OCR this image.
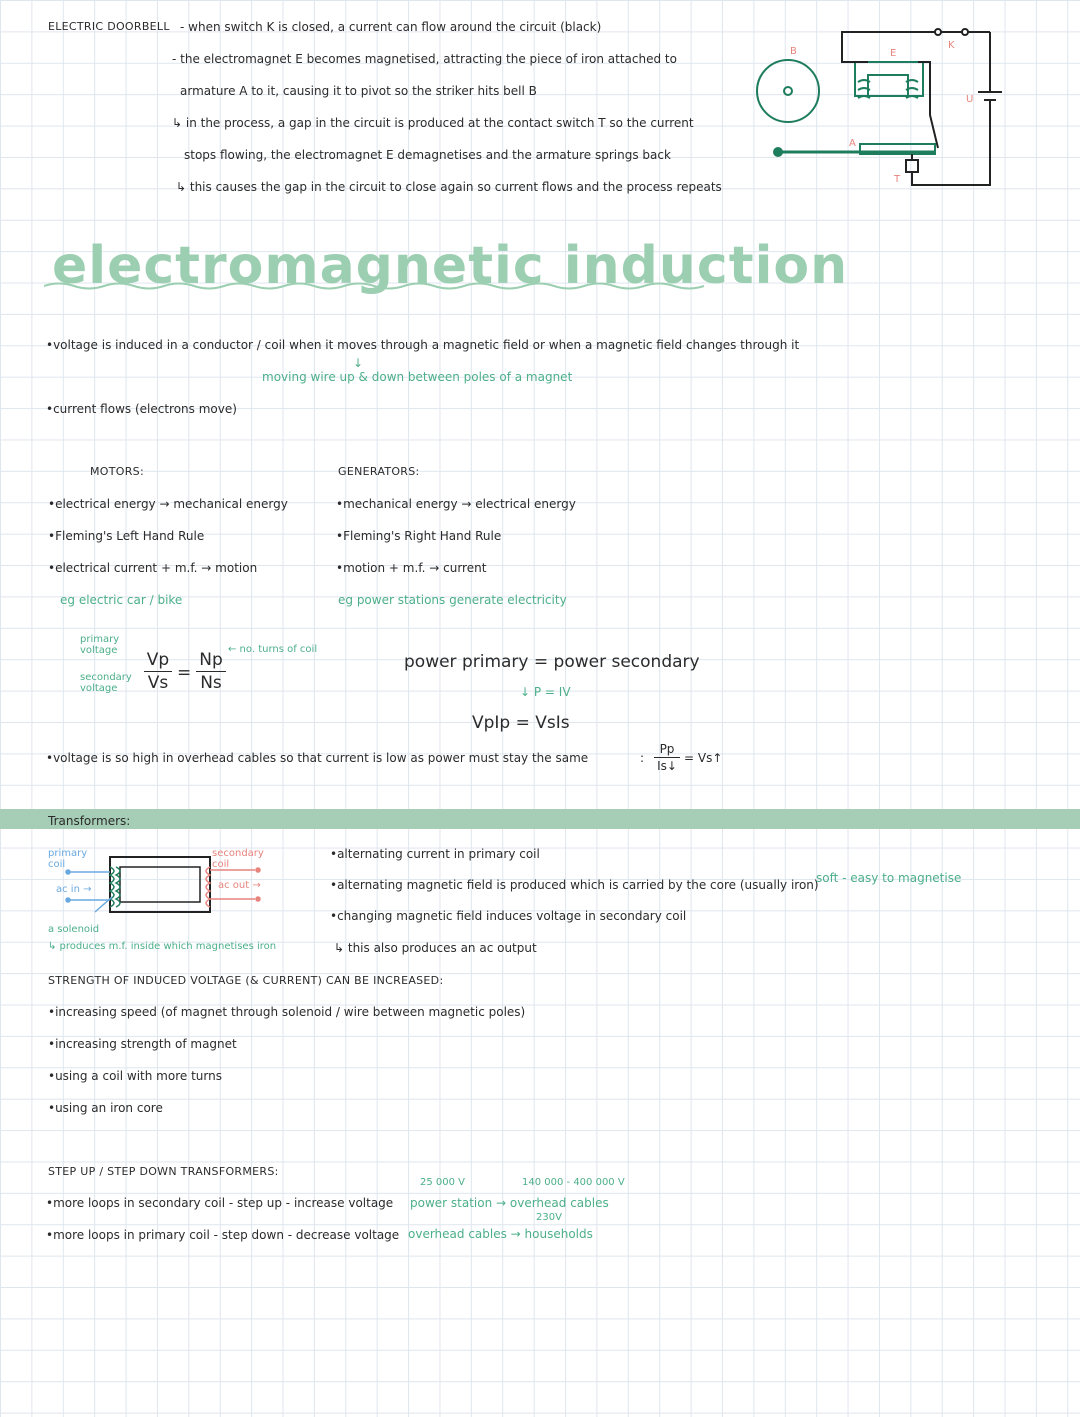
ELECTRIC DOORBELL - when switch K is closed, a current can flow around the circuit (black)
- the electromagnet E becomes magnetised, attracting the piece of iron attached to
armature A to it, causing it to pivot so the striker hits bell B
↳ in the process, a gap in the circuit is produced at the contact switch T so the current
stops flowing, the electromagnet E demagnetises and the armature springs back
↳ this causes the gap in the circuit to close again so current flows and the process repeats
B	E
K
U
A
T
electromagnetic induction
•voltage is induced in a conductor / coil when it moves through a magnetic field or when a magnetic field changes through it
↓
moving wire up & down between poles of a magnet
•current flows (electrons move)
MOTORS:
•electrical energy → mechanical energy
•Fleming's Left Hand Rule
•electrical current + m.f. → motion
eg electric car / bike
GENERATORS:
•mechanical energy → electrical energy
•Fleming's Right Hand Rule
•motion + m.f. → current
eg power stations generate electricity
primary voltage
secondary voltage
Vp
Vs =
Np
Ns
← no. turns of coil
power primary = power secondary
↓ P = IV
VpIp = VsIs
•voltage is so high in overhead cables so that current is low as power must stay the same	:
Pp
Is↓
= Vs↑
Transformers:
primary coil
secondary coil
ac in →	ac out →
a solenoid
↳ produces m.f. inside which magnetises iron
•alternating current in primary coil
•alternating magnetic field is produced which is carried by the core (usually iron)
soft - easy to magnetise
•changing magnetic field induces voltage in secondary coil
↳ this also produces an ac output
STRENGTH OF INDUCED VOLTAGE (& CURRENT) CAN BE INCREASED:
•increasing speed (of magnet through solenoid / wire between magnetic poles)
•increasing strength of magnet
•using a coil with more turns
•using an iron core
STEP UP / STEP DOWN TRANSFORMERS:
•more loops in secondary coil - step up - increase voltage
•more loops in primary coil - step down - decrease voltage
25 000 V	140 000 - 400 000 V
power station → overhead cables
230V
overhead cables → households
